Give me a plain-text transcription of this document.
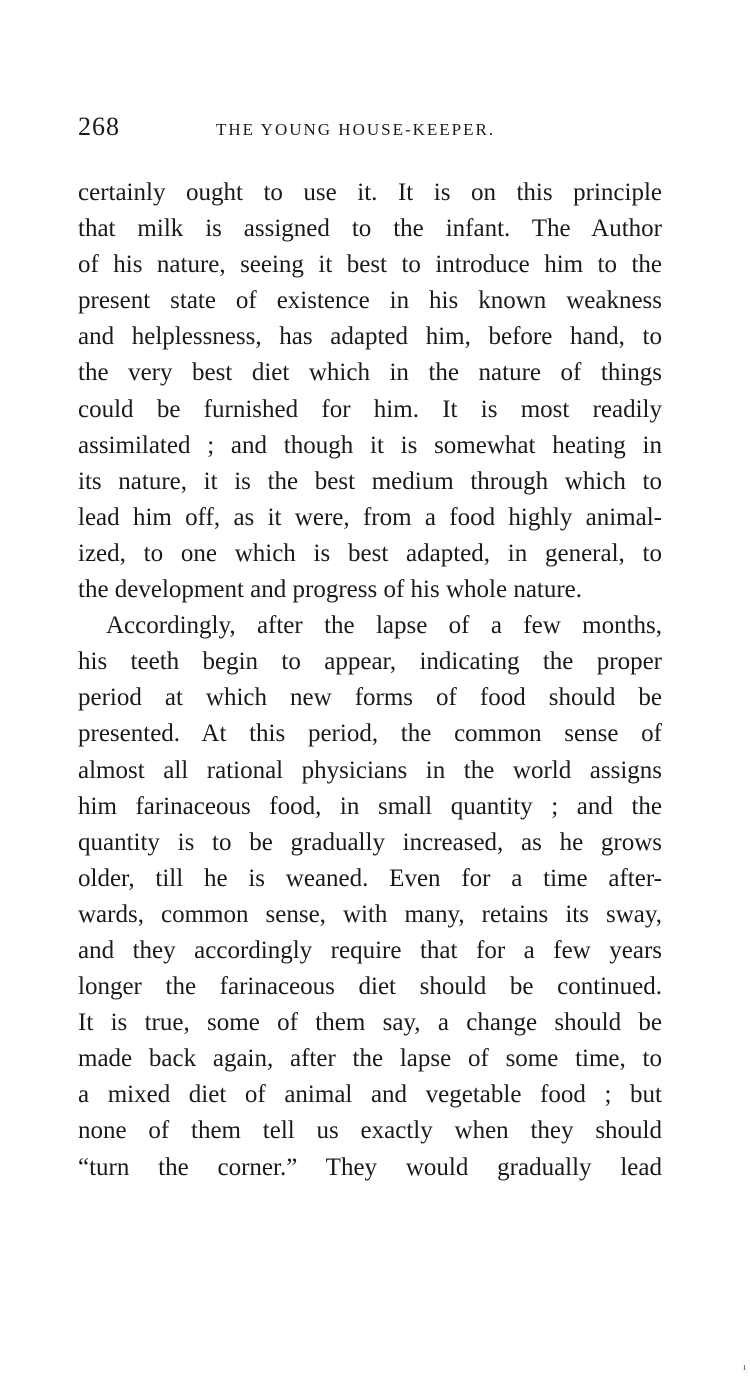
268	THE YOUNG HOUSE-KEEPER.
certainly ought to use it. It is on this principle
that milk is assigned to the infant. The Author
of his nature, seeing it best to introduce him to the
present state of existence in his known weakness
and helplessness, has adapted him, before hand, to
the very best diet which in the nature of things
could be furnished for him. It is most readily
assimilated ; and though it is somewhat heating in
its nature, it is the best medium through which to
lead him off, as it were, from a food highly animal-
ized, to one which is best adapted, in general, to
the development and progress of his whole nature.
Accordingly, after the lapse of a few months,
his teeth begin to appear, indicating the proper
period at which new forms of food should be
presented. At this period, the common sense of
almost all rational physicians in the world assigns
him farinaceous food, in small quantity ; and the
quantity is to be gradually increased, as he grows
older, till he is weaned. Even for a time after-
wards, common sense, with many, retains its sway,
and they accordingly require that for a few years
longer the farinaceous diet should be continued.
It is true, some of them say, a change should be
made back again, after the lapse of some time, to
a mixed diet of animal and vegetable food ; but
none of them tell us exactly when they should
“turn the corner.” They would gradually lead
ı
